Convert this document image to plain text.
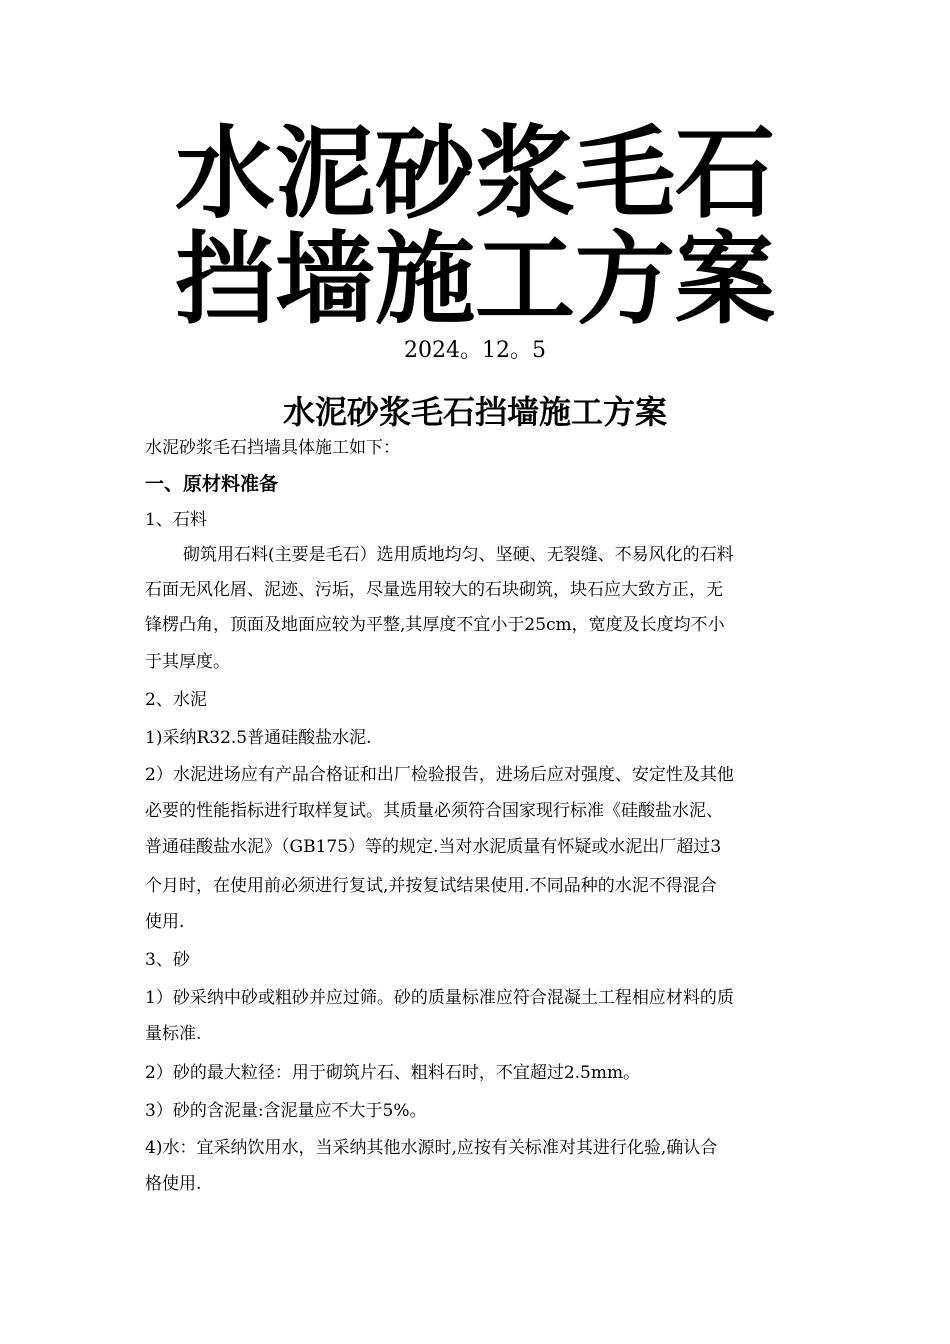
水泥砂浆毛石
挡墙施工方案
2024。12。5
水泥砂浆毛石挡墙施工方案
水泥砂浆毛石挡墙具体施工如下：
一、原材料准备
1、石料
砌筑用石料(主要是毛石）选用质地均匀、坚硬、无裂缝、不易风化的石料
石面无风化屑、泥迹、污垢，尽量选用较大的石块砌筑，块石应大致方正，无
锋楞凸角，顶面及地面应较为平整,其厚度不宜小于25cm，宽度及长度均不小
于其厚度。
2、水泥
1)采纳R32.5普通硅酸盐水泥.
2）水泥进场应有产品合格证和出厂检验报告，进场后应对强度、安定性及其他
必要的性能指标进行取样复试。其质量必须符合国家现行标准《硅酸盐水泥、
普通硅酸盐水泥》（GB175）等的规定.当对水泥质量有怀疑或水泥出厂超过3
个月时，在使用前必须进行复试,并按复试结果使用.不同品种的水泥不得混合
使用.
3、砂
1）砂采纳中砂或粗砂并应过筛。砂的质量标准应符合混凝土工程相应材料的质
量标准.
2）砂的最大粒径：用于砌筑片石、粗料石时，不宜超过2.5mm。
3）砂的含泥量:含泥量应不大于5%。
4)水：宜采纳饮用水，当采纳其他水源时,应按有关标准对其进行化验,确认合
格使用.
